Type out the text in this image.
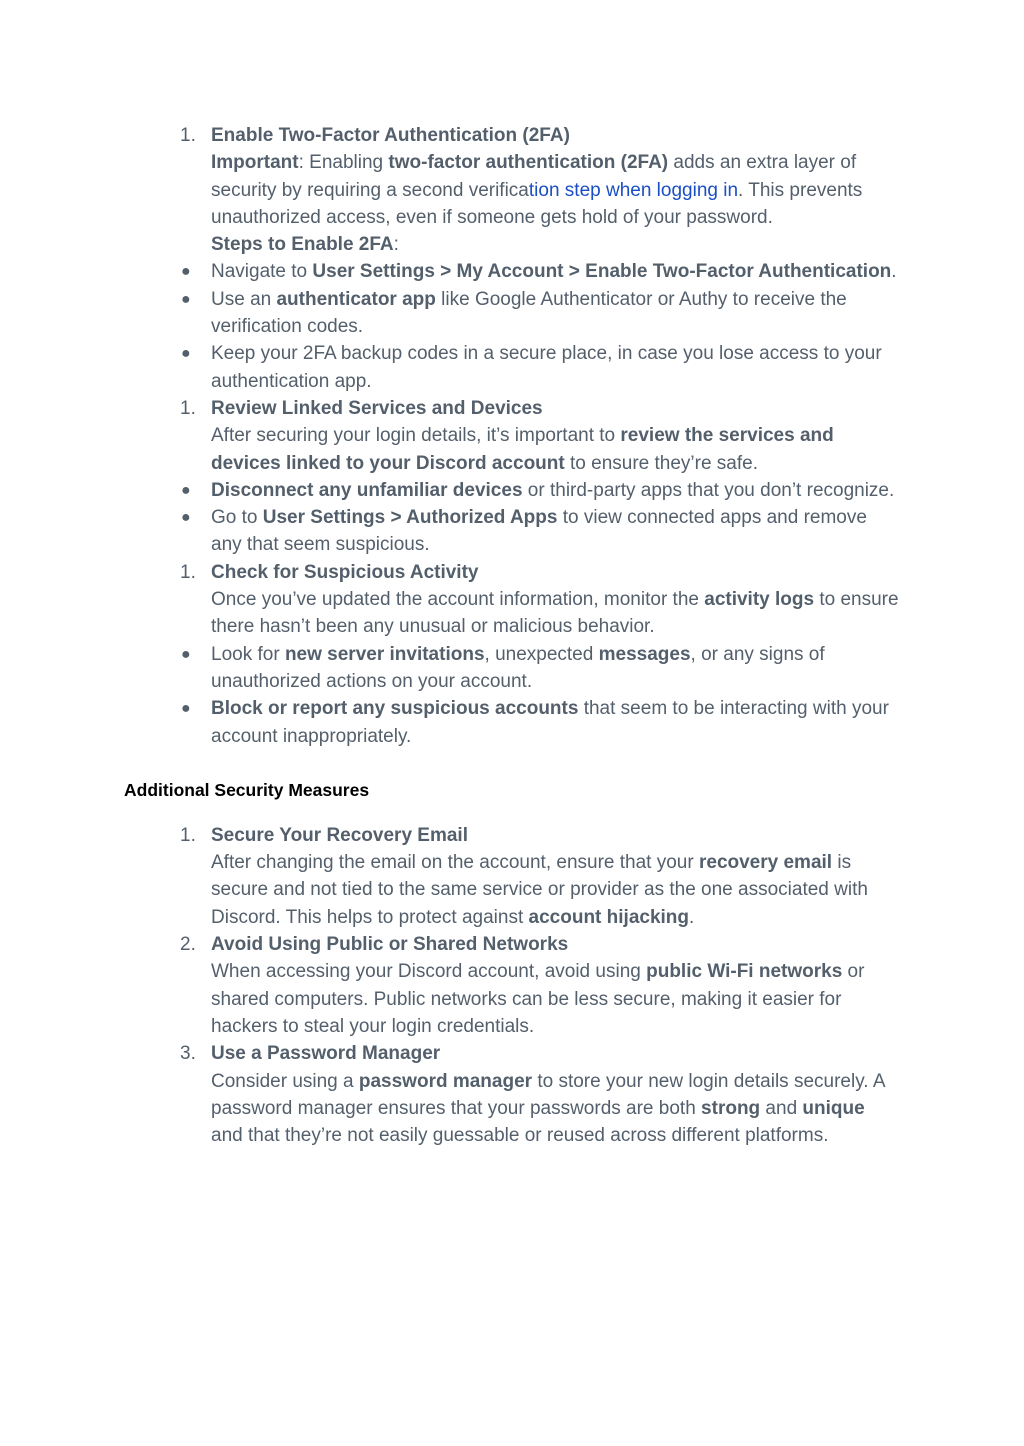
1. Enable Two-Factor Authentication (2FA)
Important: Enabling two-factor authentication (2FA) adds an extra layer of security by requiring a second verification step when logging in. This prevents unauthorized access, even if someone gets hold of your password.
Steps to Enable 2FA:
● Navigate to User Settings > My Account > Enable Two-Factor Authentication.
● Use an authenticator app like Google Authenticator or Authy to receive the verification codes.
● Keep your 2FA backup codes in a secure place, in case you lose access to your authentication app.
1. Review Linked Services and Devices
After securing your login details, it’s important to review the services and devices linked to your Discord account to ensure they’re safe.
● Disconnect any unfamiliar devices or third-party apps that you don’t recognize.
● Go to User Settings > Authorized Apps to view connected apps and remove any that seem suspicious.
1. Check for Suspicious Activity
Once you’ve updated the account information, monitor the activity logs to ensure there hasn’t been any unusual or malicious behavior.
● Look for new server invitations, unexpected messages, or any signs of unauthorized actions on your account.
● Block or report any suspicious accounts that seem to be interacting with your account inappropriately.
Additional Security Measures
1. Secure Your Recovery Email
After changing the email on the account, ensure that your recovery email is secure and not tied to the same service or provider as the one associated with Discord. This helps to protect against account hijacking.
2. Avoid Using Public or Shared Networks
When accessing your Discord account, avoid using public Wi-Fi networks or shared computers. Public networks can be less secure, making it easier for hackers to steal your login credentials.
3. Use a Password Manager
Consider using a password manager to store your new login details securely. A password manager ensures that your passwords are both strong and unique and that they’re not easily guessable or reused across different platforms.
